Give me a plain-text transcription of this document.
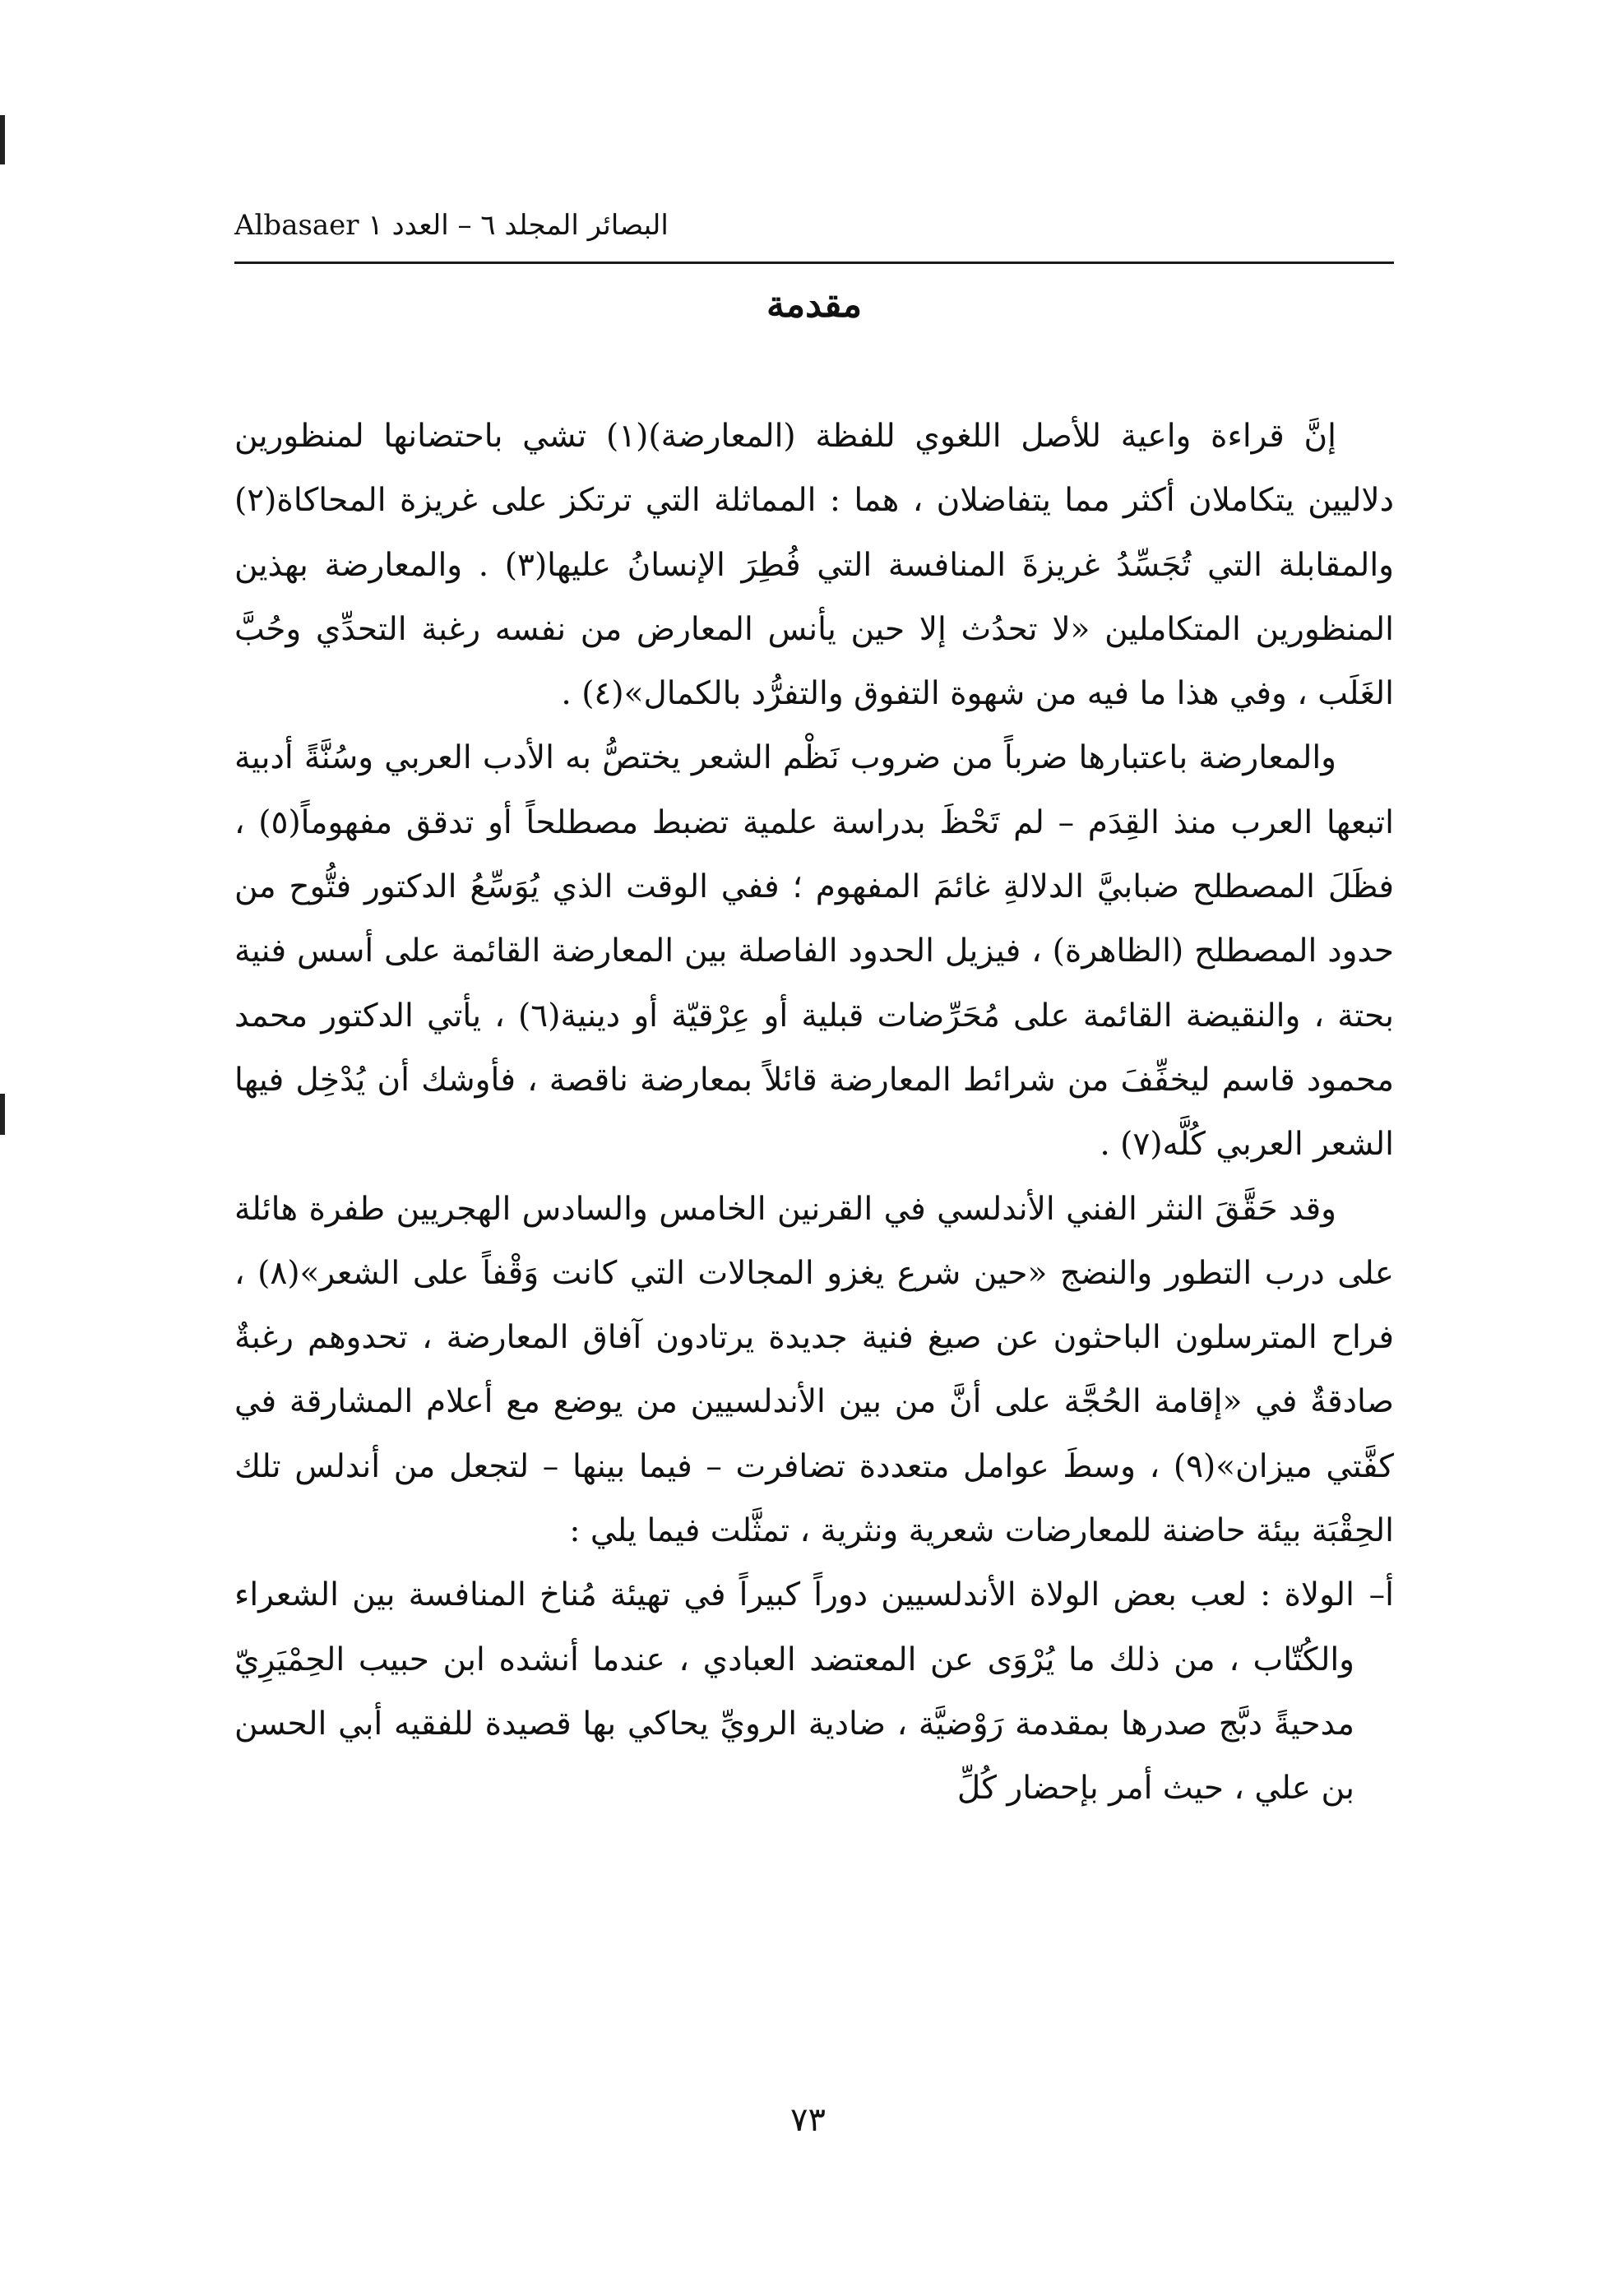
Albasaer البصائر المجلد ٦ – العدد ١
مقدمة

إنَّ قراءة واعية للأصل اللغوي للفظة (المعارضة)(١) تشي باحتضانها لمنظورين دلاليين يتكاملان أكثر مما يتفاضلان ، هما : المماثلة التي ترتكز على غريزة المحاكاة(٢) والمقابلة التي تُجَسِّدُ غريزةَ المنافسة التي فُطِرَ الإنسانُ عليها(٣) . والمعارضة بهذين المنظورين المتكاملين «لا تحدُث إلا حين يأنس المعارض من نفسه رغبة التحدِّي وحُبَّ الغَلَب ، وفي هذا ما فيه من شهوة التفوق والتفرُّد بالكمال»(٤) .

والمعارضة باعتبارها ضرباً من ضروب نَظْم الشعر يختصُّ به الأدب العربي وسُنَّةً أدبية اتبعها العرب منذ القِدَم – لم تَحْظَ بدراسة علمية تضبط مصطلحاً أو تدقق مفهوماً(٥) ، فظَلَ المصطلح ضبابيَّ الدلالةِ غائمَ المفهوم ؛ ففي الوقت الذي يُوَسِّعُ الدكتور فتُّوح من حدود المصطلح (الظاهرة) ، فيزيل الحدود الفاصلة بين المعارضة القائمة على أسس فنية بحتة ، والنقيضة القائمة على مُحَرِّضات قبلية أو عِرْقيّة أو دينية(٦) ، يأتي الدكتور محمد محمود قاسم ليخفِّفَ من شرائط المعارضة قائلاً بمعارضة ناقصة ، فأوشك أن يُدْخِل فيها الشعر العربي كُلَّه(٧) .

وقد حَقَّقَ النثر الفني الأندلسي في القرنين الخامس والسادس الهجريين طفرة هائلة على درب التطور والنضج «حين شرع يغزو المجالات التي كانت وَقْفاً على الشعر»(٨) ، فراح المترسلون الباحثون عن صيغ فنية جديدة يرتادون آفاق المعارضة ، تحدوهم رغبةٌ صادقةٌ في «إقامة الحُجَّة على أنَّ من بين الأندلسيين من يوضع مع أعلام المشارقة في كفَّتي ميزان»(٩) ، وسطَ عوامل متعددة تضافرت – فيما بينها – لتجعل من أندلس تلك الحِقْبَة بيئة حاضنة للمعارضات شعرية ونثرية ، تمثَّلت فيما يلي :

أ–الولاة : لعب بعض الولاة الأندلسيين دوراً كبيراً في تهيئة مُناخ المنافسة بين الشعراء والكُتّاب ، من ذلك ما يُرْوَى عن المعتضد العبادي ، عندما أنشده ابن حبيب الحِمْيَرِيّ مدحيةً دبَّج صدرها بمقدمة رَوْضيَّة ، ضادية الرويِّ يحاكي بها قصيدة للفقيه أبي الحسن بن علي ، حيث أمر بإحضار كُلِّ

٧٣
